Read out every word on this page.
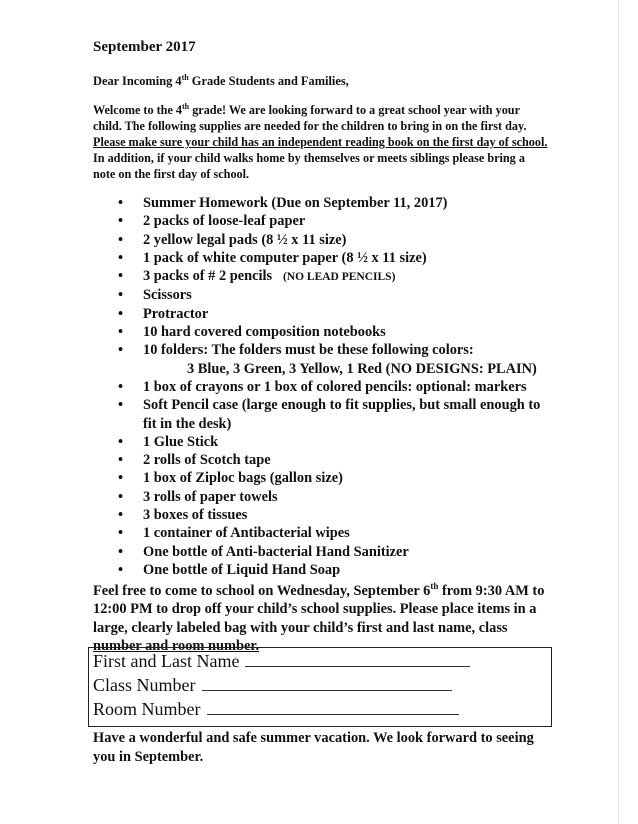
September 2017
Dear Incoming 4th Grade Students and Families,
Welcome to the 4th grade! We are looking forward to a great school year with your child. The following supplies are needed for the children to bring in on the first day. Please make sure your child has an independent reading book on the first day of school. In addition, if your child walks home by themselves or meets siblings please bring a note on the first day of school.
• Summer Homework (Due on September 11, 2017)
• 2 packs of loose-leaf paper
• 2 yellow legal pads (8 ½ x 11 size)
• 1 pack of white computer paper (8 ½ x 11 size)
• 3 packs of # 2 pencils (NO LEAD PENCILS)
• Scissors
• Protractor
• 10 hard covered composition notebooks
• 10 folders: The folders must be these following colors:
3 Blue, 3 Green, 3 Yellow, 1 Red (NO DESIGNS: PLAIN)
• 1 box of crayons or 1 box of colored pencils: optional: markers
• Soft Pencil case (large enough to fit supplies, but small enough to fit in the desk)
• 1 Glue Stick
• 2 rolls of Scotch tape
• 1 box of Ziploc bags (gallon size)
• 3 rolls of paper towels
• 3 boxes of tissues
• 1 container of Antibacterial wipes
• One bottle of Anti-bacterial Hand Sanitizer
• One bottle of Liquid Hand Soap
Feel free to come to school on Wednesday, September 6th from 9:30 AM to 12:00 PM to drop off your child’s school supplies. Please place items in a large, clearly labeled bag with your child’s first and last name, class number and room number.
First and Last Name
Class Number
Room Number
Have a wonderful and safe summer vacation. We look forward to seeing you in September.
